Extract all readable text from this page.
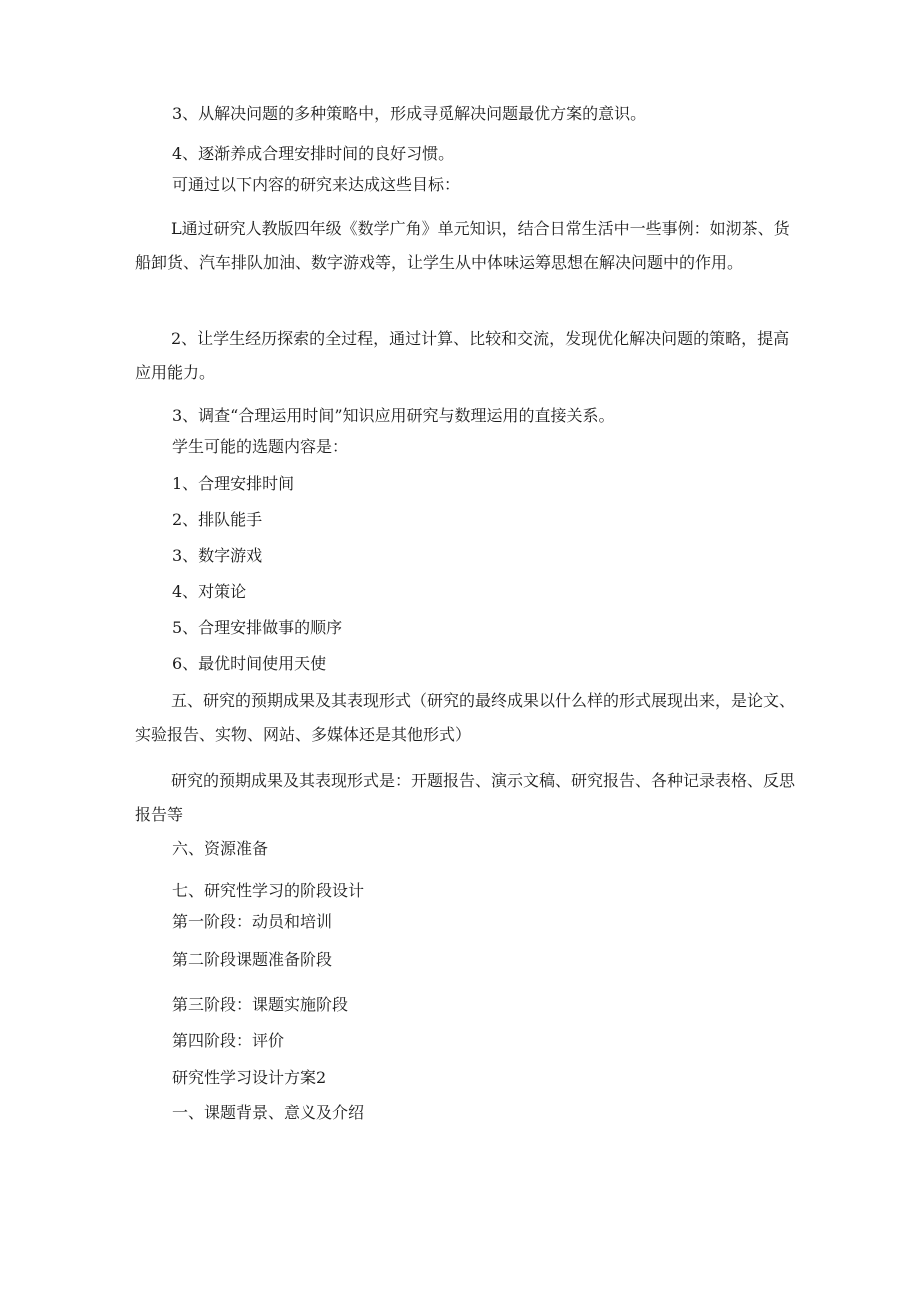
3、从解决问题的多种策略中，形成寻觅解决问题最优方案的意识。

4、逐渐养成合理安排时间的良好习惯。

可通过以下内容的研究来达成这些目标：

L通过研究人教版四年级《数学广角》单元知识，结合日常生活中一些事例：如沏茶、货船卸货、汽车排队加油、数字游戏等，让学生从中体味运筹思想在解决问题中的作用。

2、让学生经历探索的全过程，通过计算、比较和交流，发现优化解决问题的策略，提高应用能力。

3、调查“合理运用时间”知识应用研究与数理运用的直接关系。

学生可能的选题内容是：

1、合理安排时间

2、排队能手

3、数字游戏

4、对策论

5、合理安排做事的顺序

6、最优时间使用天使

五、研究的预期成果及其表现形式（研究的最终成果以什么样的形式展现出来，是论文、实验报告、实物、网站、多媒体还是其他形式）

研究的预期成果及其表现形式是：开题报告、演示文稿、研究报告、各种记录表格、反思报告等

六、资源准备

七、研究性学习的阶段设计

第一阶段：动员和培训

第二阶段课题准备阶段

第三阶段：课题实施阶段

第四阶段：评价

研究性学习设计方案2

一、课题背景、意义及介绍
